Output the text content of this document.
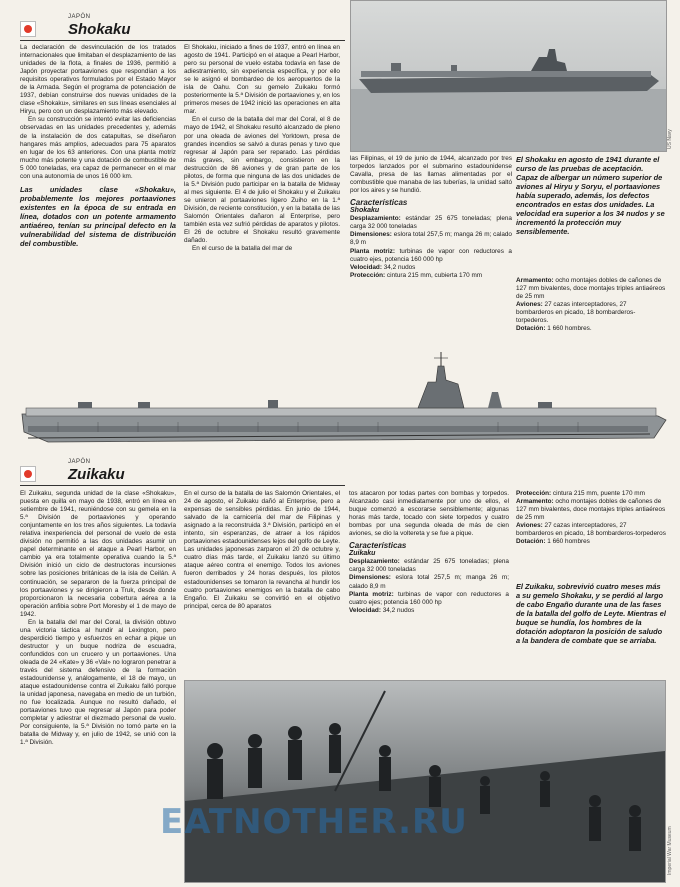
JAPÓN
Shokaku

La declaración de desvinculación de los tratados internacionales que limitaban el desplazamiento de las unidades de la flota, a finales de 1936, permitió a Japón proyectar portaaviones que respondían a los requisitos operativos formulados por el Estado Mayor de la Armada. Según el programa de potenciación de 1937, debían construirse dos nuevas unidades de la clase «Shokaku», similares en sus líneas esenciales al Hiryu, pero con un desplazamiento más elevado.

En su construcción se intentó evitar las deficiencias observadas en las unidades precedentes y, además de la instalación de dos catapultas, se diseñaron hangares más amplios, adecuados para 75 aparatos en lugar de los 63 anteriores. Con una planta motriz mucho más potente y una dotación de combustible de 5 000 toneladas, era capaz de permanecer en el mar con una autonomía de unos 16 000 km.

Las unidades clase «Shokaku», probablemente los mejores portaaviones existentes en la época de su entrada en línea, dotados con un potente armamento antiaéreo, tenían su principal defecto en la vulnerabilidad del sistema de distribución del combustible.

El Shokaku, iniciado a fines de 1937, entró en línea en agosto de 1941. Participó en el ataque a Pearl Harbor, pero su personal de vuelo estaba todavía en fase de adiestramiento, sin experiencia específica, y por ello se le asignó el bombardeo de los aeropuertos de la isla de Oahu. Con su gemelo Zuikaku formó posteriormente la 5.ª División de portaaviones y, en los primeros meses de 1942 inició las operaciones en alta mar.

En el curso de la batalla del mar del Coral, el 8 de mayo de 1942, el Shokaku resultó alcanzado de pleno por una oleada de aviones del Yorktown, presa de grandes incendios se salvó a duras penas y tuvo que regresar al Japón para ser reparado. Las pérdidas más graves, sin embargo, consistieron en la destrucción de 86 aviones y de gran parte de los pilotos, de forma que ninguna de las dos unidades de la 5.ª División pudo participar en la batalla de Midway al mes siguiente. El 4 de julio el Shokaku y el Zuikaku se unieron al portaaviones ligero Zuiho en la 1.ª División, de reciente constitución, y en la batalla de las Salomón Orientales dañaron al Enterprise, pero también esta vez sufrió pérdidas de aparatos y pilotos. El 26 de octubre el Shokaku resultó gravemente dañado.

En el curso de la batalla del mar de

US Navy

las Filipinas, el 19 de junio de 1944, alcanzado por tres torpedos lanzados por el submarino estadounidense Cavalla, presa de las llamas alimentadas por el combustible que manaba de las tuberías, la unidad saltó por los aires y se hundió.

Características
Shokaku
Desplazamiento: estándar 25 675 toneladas; plena carga 32 000 toneladas
Dimensiones: eslora total 257,5 m; manga 26 m; calado 8,9 m
Planta motriz: turbinas de vapor con reductores a cuatro ejes, potencia 160 000 hp
Velocidad: 34,2 nudos
Protección: cintura 215 mm, cubierta 170 mm
El Shokaku en agosto de 1941 durante el curso de las pruebas de aceptación. Capaz de albergar un número superior de aviones al Hiryu y Soryu, el portaaviones había superado, además, los defectos encontrados en estas dos unidades. La velocidad era superior a los 34 nudos y se incrementó la protección muy sensiblemente.
Armamento: ocho montajes dobles de cañones de 127 mm bivalentes, doce montajes triples antiaéreos de 25 mm
Aviones: 27 cazas interceptadores, 27 bombarderos en picado, 18 bombarderos-torpederos.
Dotación: 1 660 hombres.
JAPÓN
Zuikaku

El Zuikaku, segunda unidad de la clase «Shokaku», puesta en quilla en mayo de 1938, entró en línea en setiembre de 1941, reuniéndose con su gemela en la 5.ª División de portaaviones y operando conjuntamente en los tres años siguientes. La todavía relativa inexperiencia del personal de vuelo de esta división no permitió a las dos unidades asumir un papel determinante en el ataque a Pearl Harbor, en cambio ya era totalmente operativa cuando la 5.ª División inició un ciclo de destructoras incursiones sobre las posiciones británicas de la isla de Ceilán. A continuación, se separaron de la fuerza principal de los portaaviones y se dirigieron a Truk, desde donde proporcionaron la necesaria cobertura aérea a la operación anfibia sobre Port Moresby el 1 de mayo de 1942.

En la batalla del mar del Coral, la división obtuvo una victoria táctica al hundir al Lexington, pero desperdició tiempo y esfuerzos en echar a pique un destructor y un buque nodriza de escuadra, confundidos con un crucero y un portaaviones. Una oleada de 24 «Kate» y 36 «Val» no lograron penetrar a través del sistema defensivo de la formación estadounidense y, análogamente, el 18 de mayo, un ataque estadounidense contra el Zuikaku falló porque la unidad japonesa, navegaba en medio de un turbión, no fue localizada. Aunque no resultó dañado, el portaaviones tuvo que regresar al Japón para poder completar y adiestrar el diezmado personal de vuelo. Por consiguiente, la 5.ª División no tomó parte en la batalla de Midway y, en julio de 1942, se unió con la 1.ª División.

En el curso de la batalla de las Salomón Orientales, el 24 de agosto, el Zuikaku dañó al Enterprise, pero a expensas de sensibles pérdidas. En junio de 1944, salvado de la carnicería del mar de Filipinas y asignado a la reconstruida 3.ª División, participó en el intento, sin esperanzas, de atraer a los rápidos portaaviones estadounidenses lejos del golfo de Leyte. Las unidades japonesas zarparon el 20 de octubre y, cuatro días más tarde, el Zuikaku lanzó su último ataque aéreo contra el enemigo. Todos los aviones fueron derribados y 24 horas después, los pilotos estadounidenses se tomaron la revancha al hundir los cuatro portaaviones enemigos en la batalla de cabo Engaño. El Zuikaku se convirtió en el objetivo principal, cerca de 80 aparatos

tos atacaron por todas partes con bombas y torpedos. Alcanzado casi inmediatamente por uno de ellos, el buque comenzó a escorarse sensiblemente; algunas horas más tarde, tocado con siete torpedos y cuatro bombas por una segunda oleada de más de cien aviones, se dio la voltereta y se fue a pique.

Características
Zuikaku
Desplazamiento: estándar 25 675 toneladas; plena carga 32 000 toneladas
Dimensiones: eslora total 257,5 m; manga 26 m; calado 8,9 m
Planta motriz: turbinas de vapor con reductores a cuatro ejes; potencia 160 000 hp
Velocidad: 34,2 nudos
Protección: cintura 215 mm, puente 170 mm
Armamento: ocho montajes dobles de cañones de 127 mm bivalentes, doce montajes triples antiaéreos de 25 mm
Aviones: 27 cazas interceptadores, 27 bombarderos en picado, 18 bombarderos-torpederos
Dotación: 1 660 hombres
El Zuikaku, sobrevivió cuatro meses más a su gemelo Shokaku, y se perdió al largo de cabo Engaño durante una de las fases de la batalla del golfo de Leyte. Mientras el buque se hundía, los hombres de la dotación adoptaron la posición de saludo a la bandera de combate que se arriaba.
Imperial War Museum
EATNOTHER.RU
